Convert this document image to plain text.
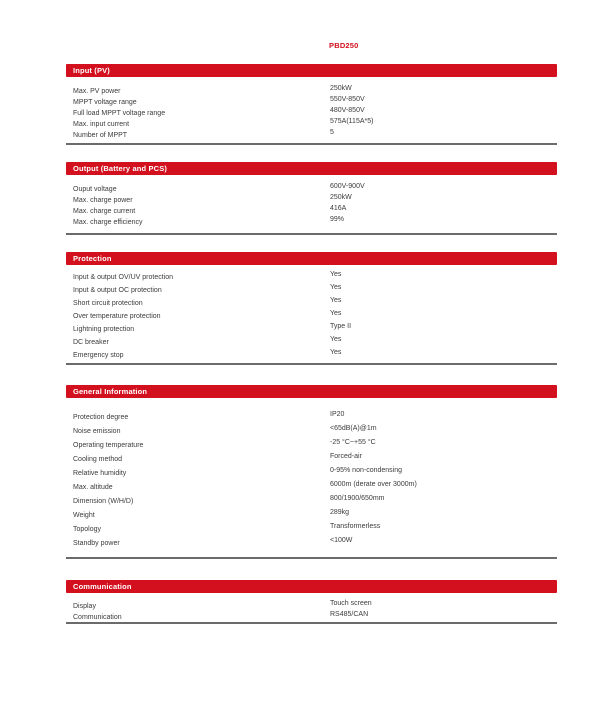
PBD250
Input (PV)
Max. PV power	250kW
MPPT voltage range	550V-850V
Full load MPPT voltage range	480V-850V
Max. input current	575A(115A*5)
Number of MPPT	5
Output (Battery and PCS)
Ouput voltage	600V-900V
Max. charge power	250kW
Max. charge current	416A
Max. charge efficiency	99%
Protection
Input & output OV/UV protection	Yes
Input & output OC protection	Yes
Short circuit protection	Yes
Over temperature protection	Yes
Lightning protection	Type II
DC breaker	Yes
Emergency stop	Yes
General Information
Protection degree	IP20
Noise emission	<65dB(A)@1m
Operating temperature	-25 °C~+55 °C
Cooling method	Forced-air
Relative humidity	0-95% non-condensing
Max. altitude	6000m (derate over 3000m)
Dimension (W/H/D)	800/1900/650mm
Weight	289kg
Topology	Transformerless
Standby power	<100W
Communication
Display	Touch screen
Communication	RS485/CAN
